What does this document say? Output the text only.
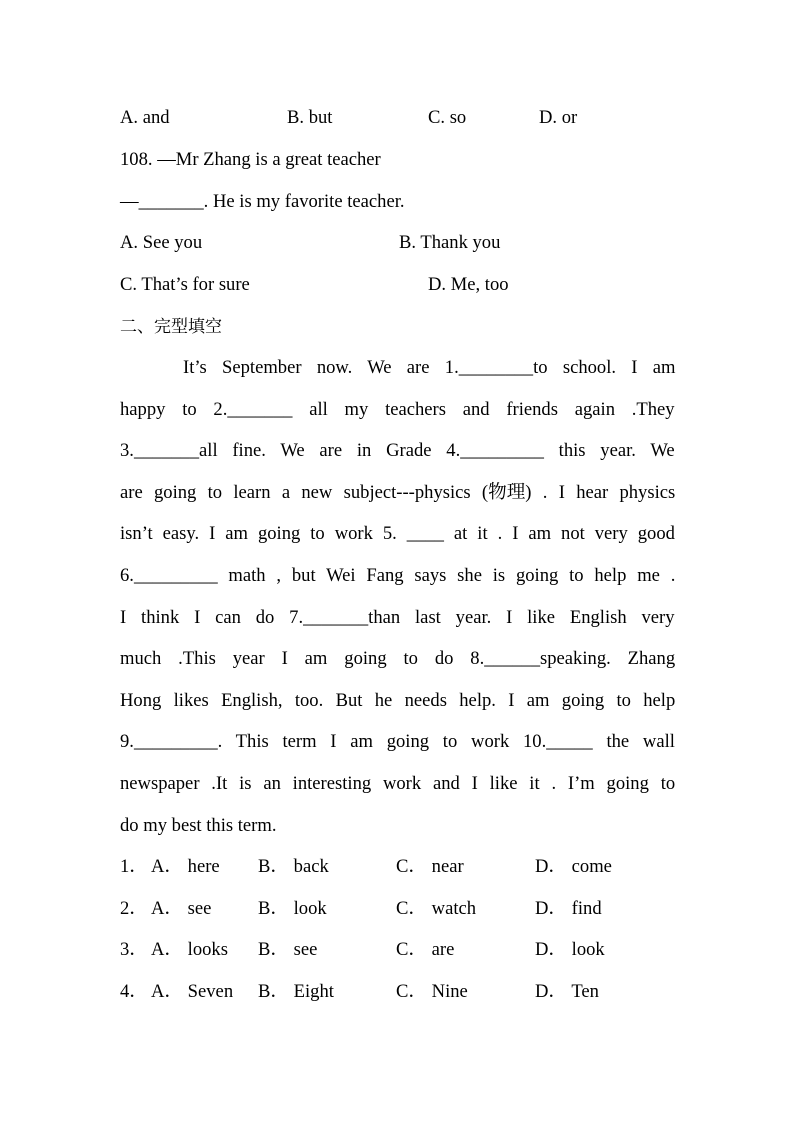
A. and	B. but	C. so	D. or
108. —Mr Zhang is a great teacher
—_______. He is my favorite teacher.
A. See you	B. Thank you
C. That’s for sure	D. Me, too
二、完型填空
It’s September now. We are 1.________to school. I am
happy to 2._______ all my teachers and friends again .They
3._______all fine. We are in Grade 4._________ this year. We
are going to learn a new subject---physics (物理) . I hear physics
isn’t easy. I am going to work 5. ____ at it . I am not very good
6._________ math , but Wei Fang says she is going to help me .
I think I can do 7._______than last year. I like English very
much .This year I am going to do 8.______speaking. Zhang
Hong likes English, too. But he needs help. I am going to help
9._________. This term I am going to work 10._____ the wall
newspaper .It is an interesting work and I like it . I’m going to
do my best this term.
1． A． here B． back	C． near	D． come
2． A． see	B． look	C． watch	D． find
3． A． looks B． see	C． are	D． look
4． A． Seven B． Eight	C． Nine	D． Ten
